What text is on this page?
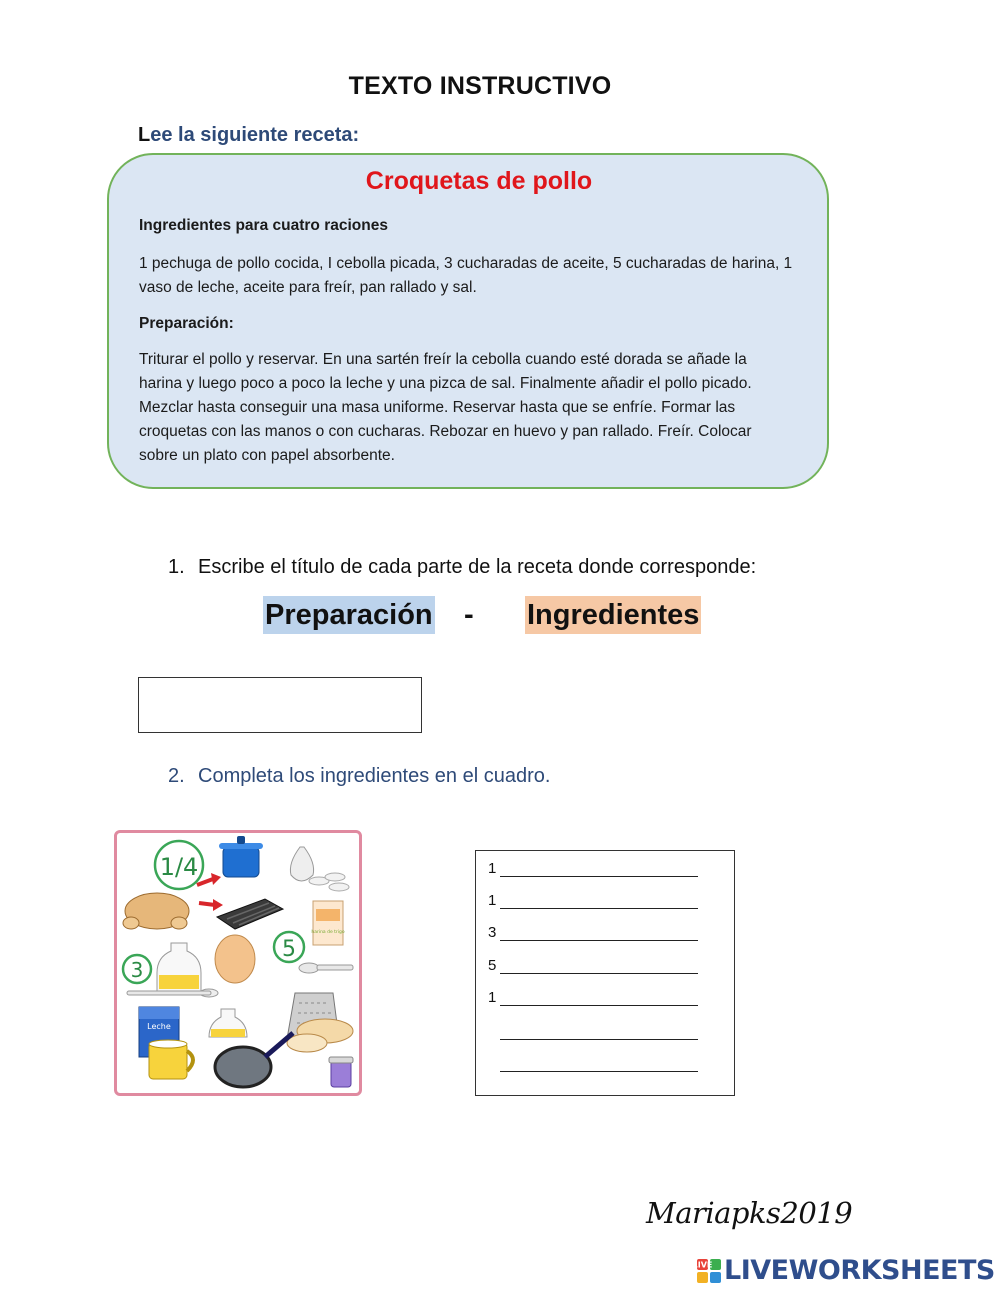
TEXTO INSTRUCTIVO
Lee la siguiente receta:
Croquetas de pollo
Ingredientes para cuatro raciones
1 pechuga de pollo cocida, I cebolla picada, 3 cucharadas de aceite, 5 cucharadas de harina, 1
vaso de leche, aceite para freír, pan rallado y sal.
Preparación:
Triturar el pollo y reservar. En una sartén freír la cebolla cuando esté dorada se añade la
harina y luego poco a poco la leche y una pizca de sal. Finalmente añadir el pollo picado.
Mezclar hasta conseguir una masa uniforme. Reservar hasta que se enfríe. Formar las
croquetas con las manos o con cucharas. Rebozar en huevo y pan rallado. Freír. Colocar
sobre un plato con papel absorbente.
1. Escribe el título de cada parte de la receta donde corresponde:
Preparación - Ingredientes
2. Completa los ingredientes en el cuadro.
1/4
harina de trigo
5
3
Leche
1
1
3
5
1
Mariapks2019
LIVE LIVEWORKSHEETS
